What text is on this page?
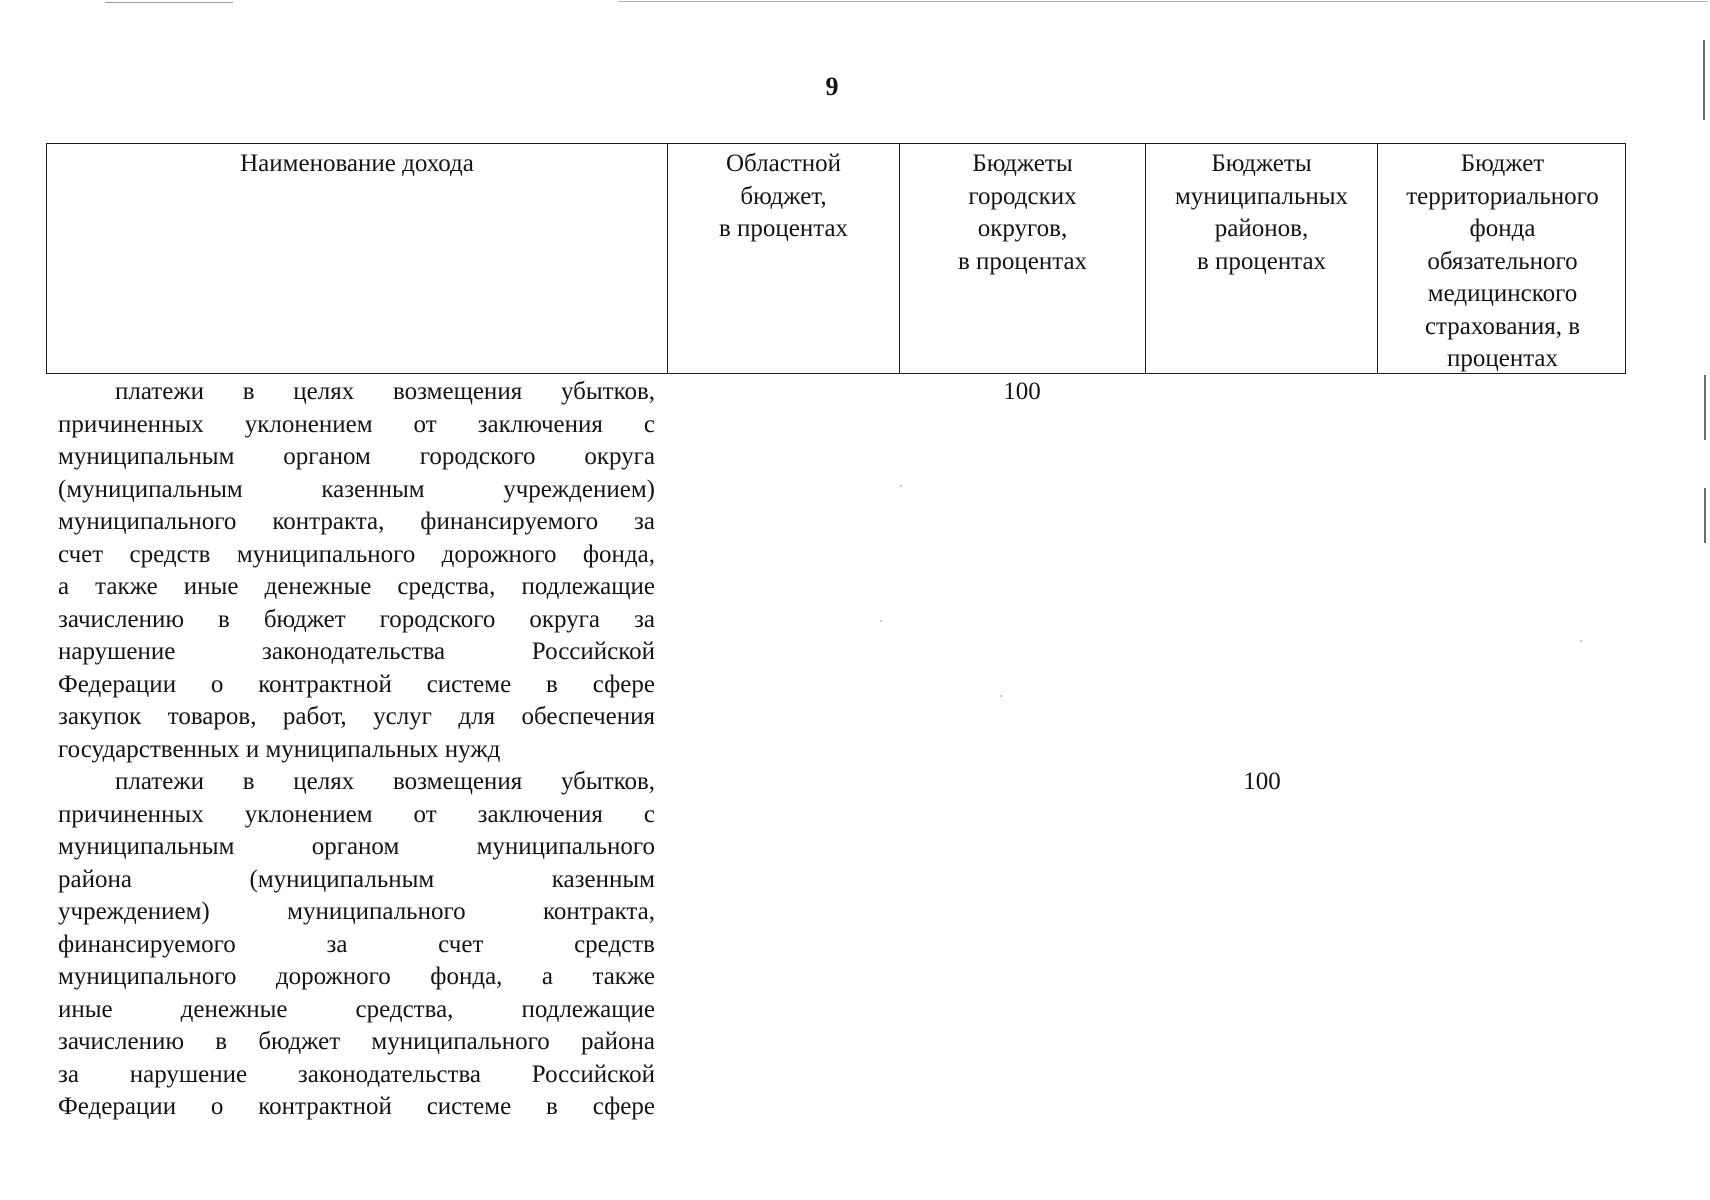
9
Наименование дохода	Областной
бюджет,
в процентах
Бюджеты
городских
округов,
в процентах
Бюджеты
муниципальных
районов,
в процентах
Бюджет
территориального
фонда
обязательного
медицинского
страхования, в
процентах
платежи в целях возмещения убытков,
причиненных уклонением от заключения с
муниципальным органом городского округа
(муниципальным казенным учреждением)
муниципального контракта, финансируемого за
счет средств муниципального дорожного фонда,
а также иные денежные средства, подлежащие
зачислению в бюджет городского округа за
нарушение законодательства Российской
Федерации о контрактной системе в сфере
закупок товаров, работ, услуг для обеспечения
государственных и муниципальных нужд
100
платежи в целях возмещения убытков,
причиненных уклонением от заключения с
муниципальным органом муниципального
района (муниципальным казенным
учреждением) муниципального контракта,
финансируемого за счет средств
муниципального дорожного фонда, а также
иные денежные средства, подлежащие
зачислению в бюджет муниципального района
за нарушение законодательства Российской
Федерации о контрактной системе в сфере
100
